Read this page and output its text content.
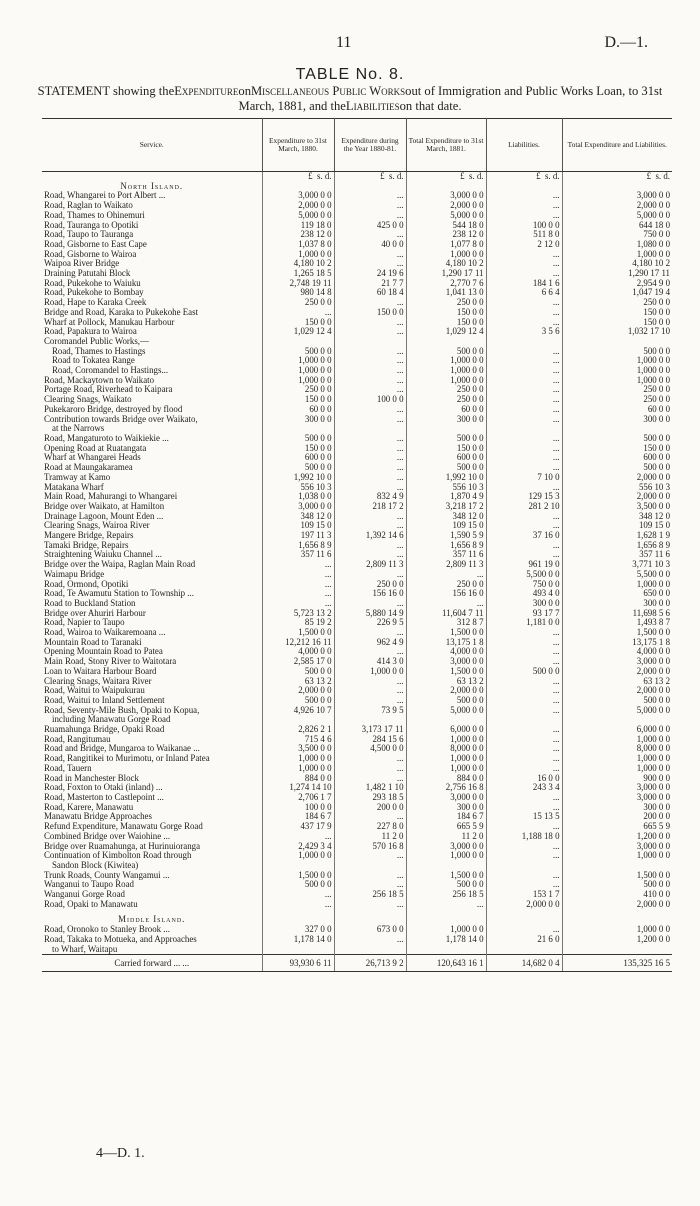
11	D.—1.
TABLE No. 8.
STATEMENT showing theExpenditureonMiscellaneous Public Worksout of Immigration and Public Works Loan, to 31st March, 1881, and theLiabilitieson that date.
Service.	Expenditure to 31st March, 1880.	Expenditure during the Year 1880-81.	Total Expenditure to 31st March, 1881.	Liabilities.	Total Expenditure and Liabilities.
	£ s. d.	£ s. d.	£ s. d.	£ s. d.	£ s. d.
North Island.					
Road, Whangarei to Port Albert ...	3,000 0 0	...	3,000 0 0	...	3,000 0 0
Road, Raglan to Waikato	2,000 0 0	...	2,000 0 0	...	2,000 0 0
Road, Thames to Ohinemuri	5,000 0 0	...	5,000 0 0	...	5,000 0 0
Road, Tauranga to Opotiki	119 18 0	425 0 0	544 18 0	100 0 0	644 18 0
Road, Taupo to Tauranga	238 12 0	...	238 12 0	511 8 0	750 0 0
Road, Gisborne to East Cape	1,037 8 0	40 0 0	1,077 8 0	2 12 0	1,080 0 0
Road, Gisborne to Wairoa	1,000 0 0	...	1,000 0 0	...	1,000 0 0
Waipoa River Bridge	4,180 10 2	...	4,180 10 2	...	4,180 10 2
Draining Patutahi Block	1,265 18 5	24 19 6	1,290 17 11	...	1,290 17 11
Road, Pukekohe to Waiuku	2,748 19 11	21 7 7	2,770 7 6	184 1 6	2,954 9 0
Road, Pukekohe to Bombay	980 14 8	60 18 4	1,041 13 0	6 6 4	1,047 19 4
Road, Hape to Karaka Creek	250 0 0	...	250 0 0	...	250 0 0
Bridge and Road, Karaka to Pukekohe East	...	150 0 0	150 0 0	...	150 0 0
Wharf at Pollock, Manukau Harbour	150 0 0	...	150 0 0	...	150 0 0
Road, Papakura to Wairoa	1,029 12 4	...	1,029 12 4	3 5 6	1,032 17 10
Coromandel Public Works,—					
Road, Thames to Hastings	500 0 0	...	500 0 0	...	500 0 0
Road to Tokatea Range	1,000 0 0	...	1,000 0 0	...	1,000 0 0
Road, Coromandel to Hastings...	1,000 0 0	...	1,000 0 0	...	1,000 0 0
Road, Mackaytown to Waikato	1,000 0 0	...	1,000 0 0	...	1,000 0 0
Portage Road, Riverhead to Kaipara	250 0 0	...	250 0 0	...	250 0 0
Clearing Snags, Waikato	150 0 0	100 0 0	250 0 0	...	250 0 0
Pukekaroro Bridge, destroyed by flood	60 0 0	...	60 0 0	...	60 0 0
Contribution towards Bridge over Waikato,	300 0 0	...	300 0 0	...	300 0 0
at the Narrows					
Road, Mangaturoto to Waikiekie ...	500 0 0	...	500 0 0	...	500 0 0
Opening Road at Ruatangata	150 0 0	...	150 0 0	...	150 0 0
Wharf at Whangarei Heads	600 0 0	...	600 0 0	...	600 0 0
Road at Maungakaramea	500 0 0	...	500 0 0	...	500 0 0
Tramway at Kamo	1,992 10 0	...	1,992 10 0	7 10 0	2,000 0 0
Matakana Wharf	556 10 3	...	556 10 3	...	556 10 3
Main Road, Mahurangi to Whangarei	1,038 0 0	832 4 9	1,870 4 9	129 15 3	2,000 0 0
Bridge over Waikato, at Hamilton	3,000 0 0	218 17 2	3,218 17 2	281 2 10	3,500 0 0
Drainage Lagoon, Mount Eden ...	348 12 0	...	348 12 0	...	348 12 0
Clearing Snags, Wairoa River	109 15 0	...	109 15 0	...	109 15 0
Mangere Bridge, Repairs	197 11 3	1,392 14 6	1,590 5 9	37 16 0	1,628 1 9
Tamaki Bridge, Repairs	1,656 8 9	...	1,656 8 9	...	1,656 8 9
Straightening Waiuku Channel ...	357 11 6	...	357 11 6	...	357 11 6
Bridge over the Waipa, Raglan Main Road	...	2,809 11 3	2,809 11 3	961 19 0	3,771 10 3
Waimapu Bridge	...	...	...	5,500 0 0	5,500 0 0
Road, Ormond, Opotiki	...	250 0 0	250 0 0	750 0 0	1,000 0 0
Road, Te Awamutu Station to Township ...	...	156 16 0	156 16 0	493 4 0	650 0 0
Road to Buckland Station	...	...	...	300 0 0	300 0 0
Bridge over Ahuriri Harbour	5,723 13 2	5,880 14 9	11,604 7 11	93 17 7	11,698 5 6
Road, Napier to Taupo	85 19 2	226 9 5	312 8 7	1,181 0 0	1,493 8 7
Road, Wairoa to Waikaremoana ...	1,500 0 0	...	1,500 0 0	...	1,500 0 0
Mountain Road to Taranaki	12,212 16 11	962 4 9	13,175 1 8	...	13,175 1 8
Opening Mountain Road to Patea	4,000 0 0	...	4,000 0 0	...	4,000 0 0
Main Road, Stony River to Waitotara	2,585 17 0	414 3 0	3,000 0 0	...	3,000 0 0
Loan to Waitara Harbour Board	500 0 0	1,000 0 0	1,500 0 0	500 0 0	2,000 0 0
Clearing Snags, Waitara River	63 13 2	...	63 13 2	...	63 13 2
Road, Waitui to Waipukurau	2,000 0 0	...	2,000 0 0	...	2,000 0 0
Road, Waitui to Inland Settlement	500 0 0	...	500 0 0	...	500 0 0
Road, Seventy-Mile Bush, Opaki to Kopua,	4,926 10 7	73 9 5	5,000 0 0	...	5,000 0 0
including Manawatu Gorge Road					
Ruamahunga Bridge, Opaki Road	2,826 2 1	3,173 17 11	6,000 0 0	...	6,000 0 0
Road, Rangitumau	715 4 6	284 15 6	1,000 0 0	...	1,000 0 0
Road and Bridge, Mungaroa to Waikanae ...	3,500 0 0	4,500 0 0	8,000 0 0	...	8,000 0 0
Road, Rangitikei to Murimotu, or Inland Patea	1,000 0 0	...	1,000 0 0	...	1,000 0 0
Road, Tauern	1,000 0 0	...	1,000 0 0	...	1,000 0 0
Road in Manchester Block	884 0 0	...	884 0 0	16 0 0	900 0 0
Road, Foxton to Otaki (inland) ...	1,274 14 10	1,482 1 10	2,756 16 8	243 3 4	3,000 0 0
Road, Masterton to Castlepoint ...	2,706 1 7	293 18 5	3,000 0 0	...	3,000 0 0
Road, Karere, Manawatu	100 0 0	200 0 0	300 0 0	...	300 0 0
Manawatu Bridge Approaches	184 6 7	...	184 6 7	15 13 5	200 0 0
Refund Expenditure, Manawatu Gorge Road	437 17 9	227 8 0	665 5 9	...	665 5 9
Combined Bridge over Waiohine ...	...	11 2 0	11 2 0	1,188 18 0	1,200 0 0
Bridge over Ruamahunga, at Hurinuioranga	2,429 3 4	570 16 8	3,000 0 0	...	3,000 0 0
Continuation of Kimbolton Road through	1,000 0 0	...	1,000 0 0	...	1,000 0 0
Sandon Block (Kiwitea)					
Trunk Roads, County Wangamui ...	1,500 0 0	...	1,500 0 0	...	1,500 0 0
Wanganui to Taupo Road	500 0 0	...	500 0 0	...	500 0 0
Wanganui Gorge Road	...	256 18 5	256 18 5	153 1 7	410 0 0
Road, Opaki to Manawatu	...	...	...	2,000 0 0	2,000 0 0

Middle Island.					
Road, Oronoko to Stanley Brook ...	327 0 0	673 0 0	1,000 0 0	...	1,000 0 0
Road, Takaka to Motueka, and Approaches	1,178 14 0	...	1,178 14 0	21 6 0	1,200 0 0
to Wharf, Waitapu					
Carried forward ... ...	93,930 6 11	26,713 9 2	120,643 16 1	14,682 0 4	135,325 16 5
4—D. 1.
